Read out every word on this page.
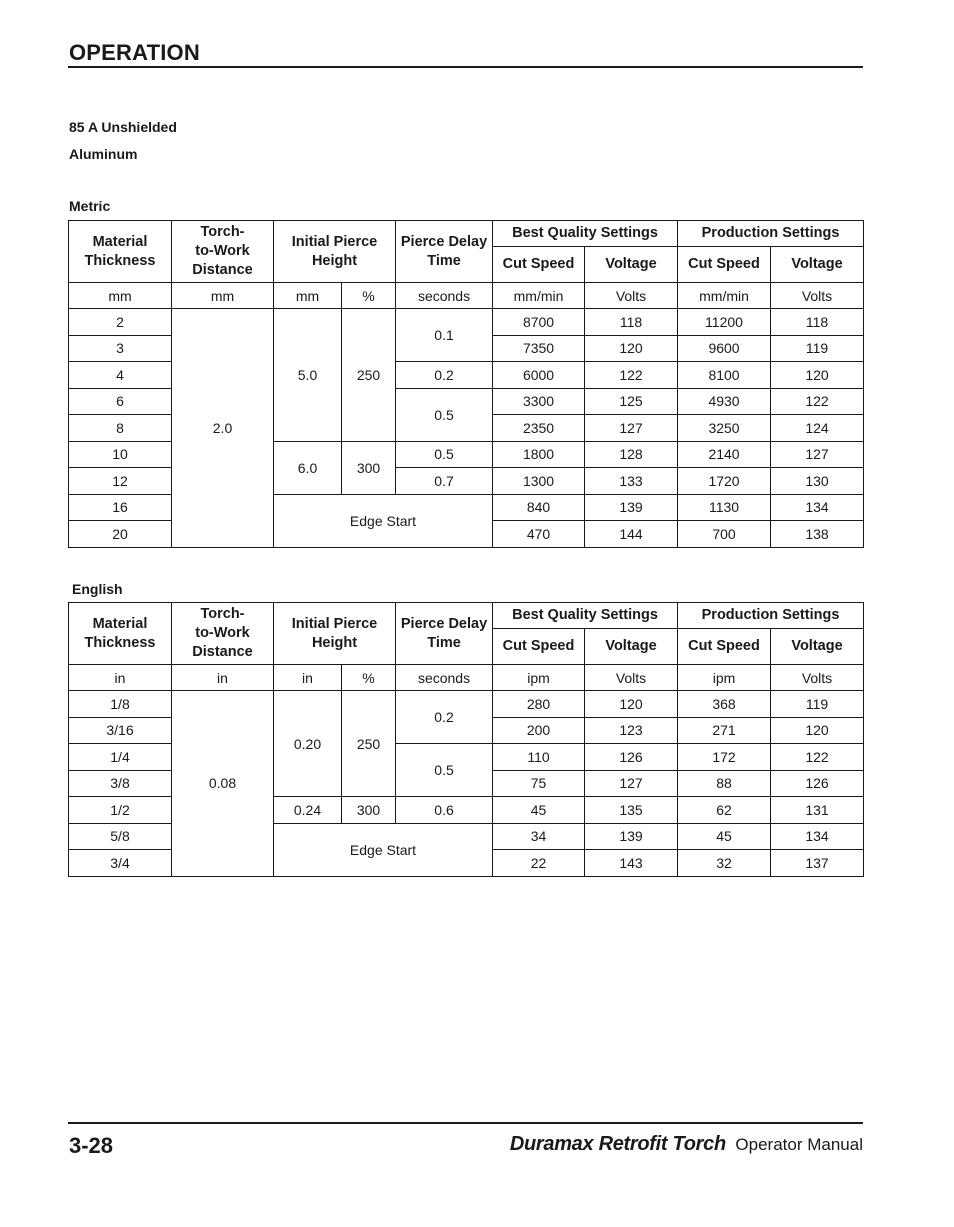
OPERATION
85 A Unshielded
Aluminum
Metric
Material Thickness	Torch- to-Work Distance	Initial Pierce Height		Pierce Delay Time	Best Quality Settings		Production Settings	
					Cut Speed	Voltage	Cut Speed	Voltage
mm	mm	mm	%	seconds	mm/min	Volts	mm/min	Volts
2	2.0	5.0	250	0.1	8700	118	11200	118
3					7350	120	9600	119
4				0.2	6000	122	8100	120
6				0.5	3300	125	4930	122
8					2350	127	3250	124
10		6.0	300	0.5	1800	128	2140	127
12				0.7	1300	133	1720	130
16		Edge Start			840	139	1130	134
20					470	144	700	138
English
Material Thickness	Torch- to-Work Distance	Initial Pierce Height		Pierce Delay Time	Best Quality Settings		Production Settings	
					Cut Speed	Voltage	Cut Speed	Voltage
in	in	in	%	seconds	ipm	Volts	ipm	Volts
1/8	0.08	0.20	250	0.2	280	120	368	119
3/16					200	123	271	120
1/4				0.5	110	126	172	122
3/8					75	127	88	126
1/2		0.24	300	0.6	45	135	62	131
5/8		Edge Start			34	139	45	134
3/4					22	143	32	137
3-28	Duramax Retrofit Torch Operator Manual
